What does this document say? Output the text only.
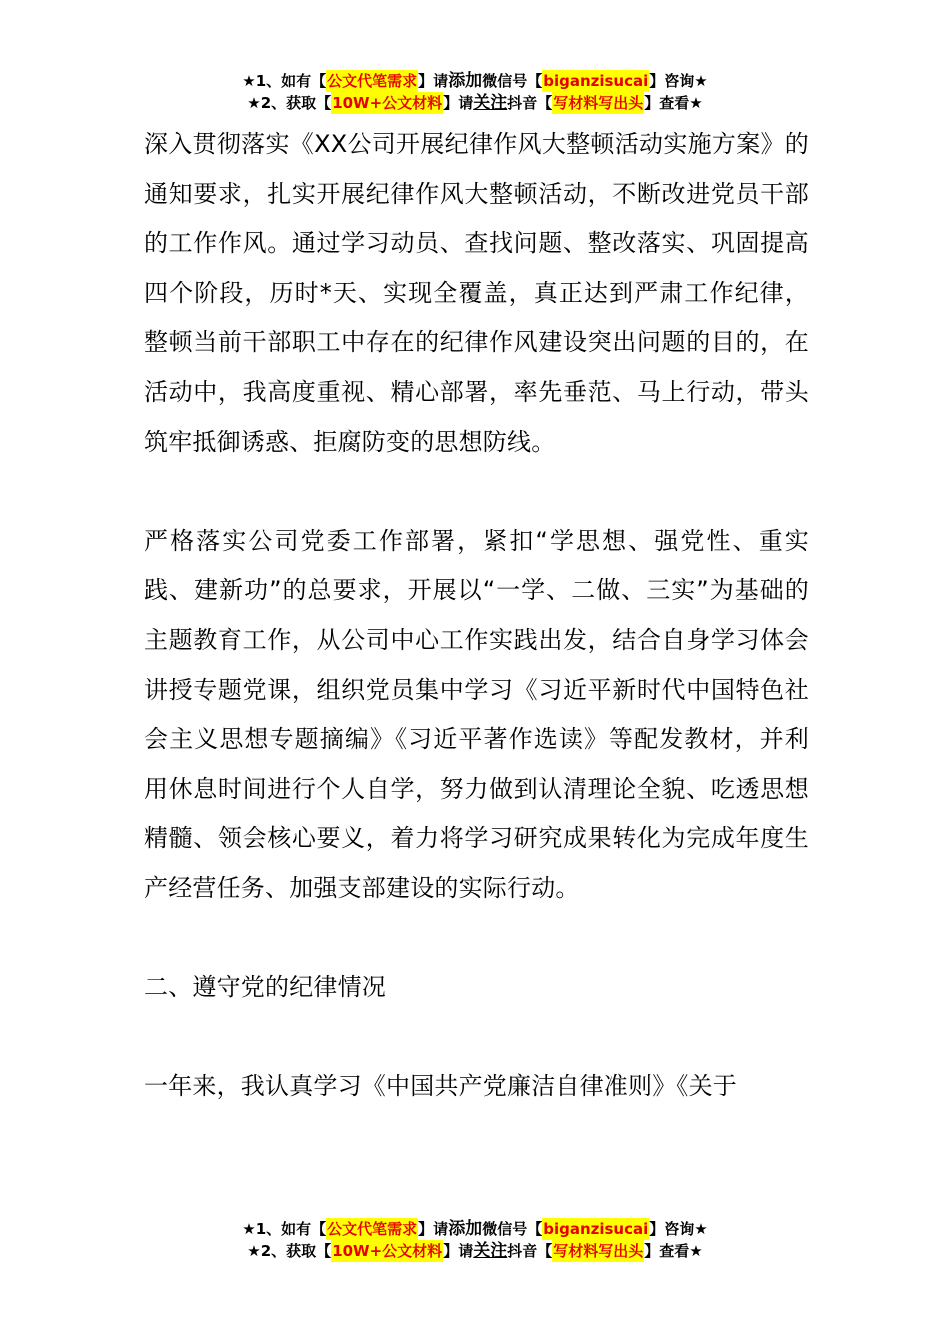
★1、如有【公文代笔需求】请添加微信号【biganzisucai】咨询★
★2、获取【10W+公文材料】请关注抖音【写材料写出头】查看★

深入贯彻落实《XX公司开展纪律作风大整顿活动实施方案》的通知要求，扎实开展纪律作风大整顿活动，不断改进党员干部的工作作风。通过学习动员、查找问题、整改落实、巩固提高四个阶段，历时*天、实现全覆盖，真正达到严肃工作纪律，整顿当前干部职工中存在的纪律作风建设突出问题的目的，在活动中，我高度重视、精心部署，率先垂范、马上行动，带头筑牢抵御诱惑、拒腐防变的思想防线。

严格落实公司党委工作部署，紧扣“学思想、强党性、重实践、建新功”的总要求，开展以“一学、二做、三实”为基础的主题教育工作，从公司中心工作实践出发，结合自身学习体会讲授专题党课，组织党员集中学习《习近平新时代中国特色社会主义思想专题摘编》《习近平著作选读》等配发教材，并利用休息时间进行个人自学，努力做到认清理论全貌、吃透思想精髓、领会核心要义，着力将学习研究成果转化为完成年度生产经营任务、加强支部建设的实际行动。

二、遵守党的纪律情况

一年来，我认真学习《中国共产党廉洁自律准则》《关于

★1、如有【公文代笔需求】请添加微信号【biganzisucai】咨询★
★2、获取【10W+公文材料】请关注抖音【写材料写出头】查看★
